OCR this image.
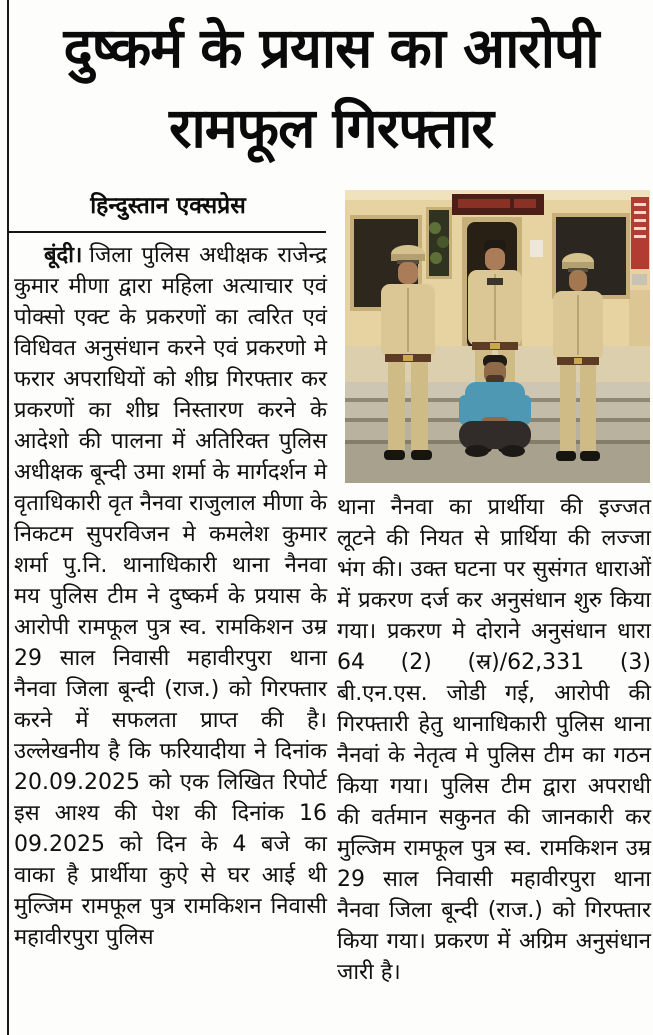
दुष्कर्म के प्रयास का आरोपी
रामफूल गिरफ्तार
हिन्दुस्तान एक्सप्रेस

बूंदी। जिला पुलिस अधीक्षक राजेन्द्र कुमार मीणा द्वारा महिला अत्याचार एवं पोक्सो एक्ट के प्रकरणों का त्वरित एवं विधिवत अनुसंधान करने एवं प्रकरणो मे फरार अपराधियों को शीघ्र गिरफ्तार कर प्रकरणों का शीघ्र निस्तारण करने के आदेशो की पालना में अतिरिक्त पुलिस अधीक्षक बून्दी उमा शर्मा के मार्गदर्शन मे वृताधिकारी वृत नैनवा राजुलाल मीणा के निकटम सुपरविजन मे कमलेश कुमार शर्मा पु.नि. थानाधिकारी थाना नैनवा मय पुलिस टीम ने दुष्कर्म के प्रयास के आरोपी रामफूल पुत्र स्व. रामकिशन उम्र 29 साल निवासी महावीरपुरा थाना नैनवा जिला बून्दी (राज.) को गिरफ्तार करने में सफलता प्राप्त की है। उल्लेखनीय है कि फरियादीया ने दिनांक 20.09.2025 को एक लिखित रिपोर्ट इस आश्य की पेश की दिनांक 16 09.2025 को दिन के 4 बजे का वाका है प्रार्थीया कुऐ से घर आई थी मुल्जिम रामफूल पुत्र रामकिशन निवासी महावीरपुरा पुलिस

थाना नैनवा का प्रार्थीया की इज्जत लूटने की नियत से प्रार्थिया की लज्जा भंग की। उक्त घटना पर सुसंगत धाराओं में प्रकरण दर्ज कर अनुसंधान शुरु किया गया। प्रकरण मे दोराने अनुसंधान धारा 64 (2) (स्र)/62,331 (3) बी.एन.एस. जोडी गई, आरोपी की गिरफ्तारी हेतु थानाधिकारी पुलिस थाना नैनवां के नेतृत्व मे पुलिस टीम का गठन किया गया। पुलिस टीम द्वारा अपराधी की वर्तमान सकुनत की जानकारी कर मुल्जिम रामफूल पुत्र स्व. रामकिशन उम्र 29 साल निवासी महावीरपुरा थाना नैनवा जिला बून्दी (राज.) को गिरफ्तार किया गया। प्रकरण में अग्रिम अनुसंधान जारी है।
